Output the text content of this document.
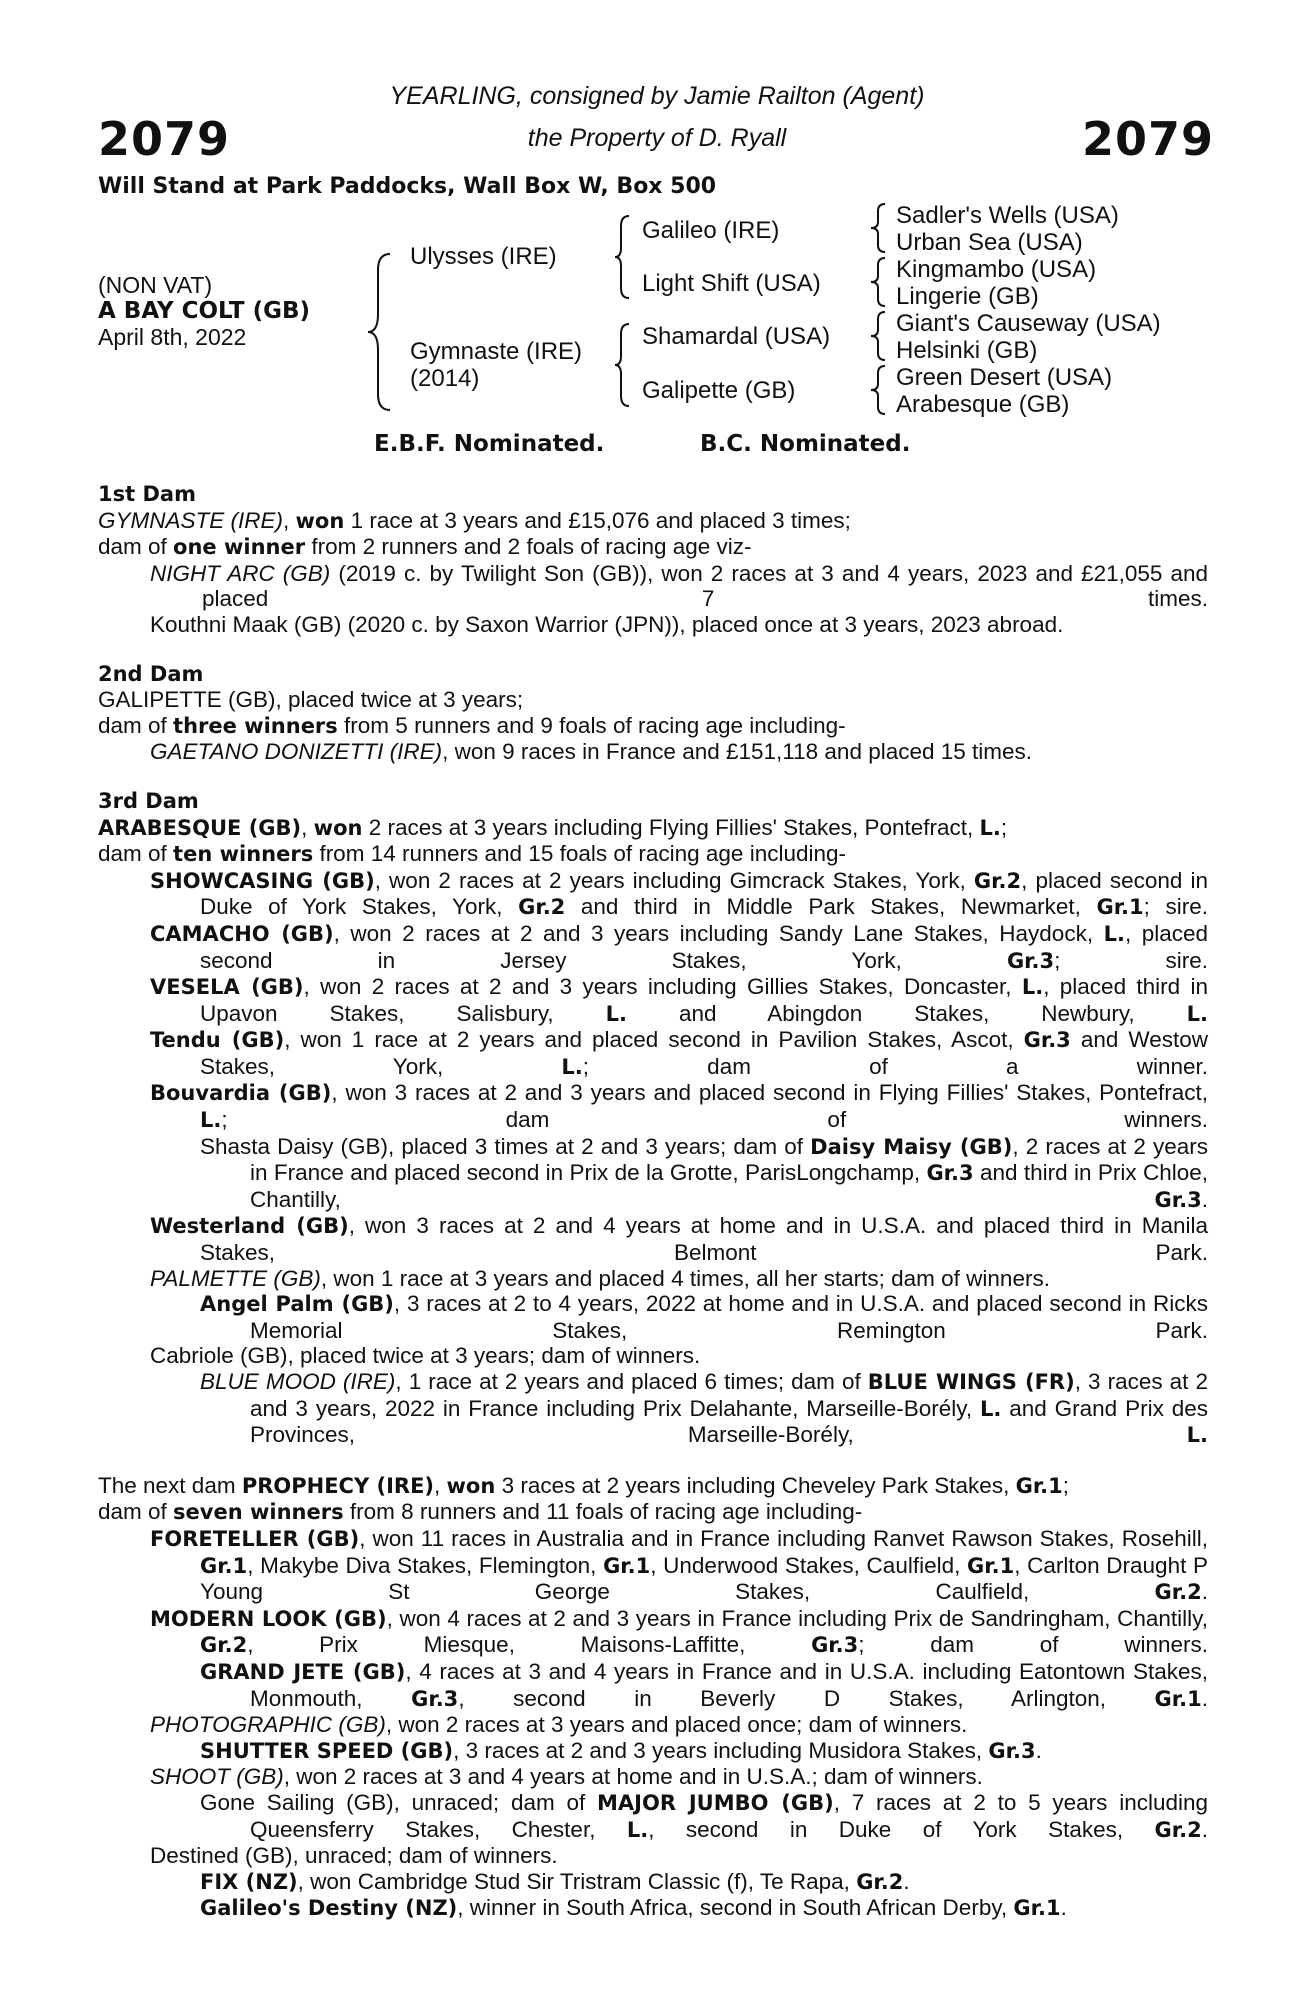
2079	2079
YEARLING, consigned by Jamie Railton (Agent)
the Property of D. Ryall
Will Stand at Park Paddocks, Wall Box W, Box 500
(NON VAT)
A BAY COLT (GB)
April 8th, 2022
Ulysses (IRE)
Gymnaste (IRE)
(2014)
Galileo (IRE)
Light Shift (USA)
Shamardal (USA)
Galipette (GB)
Sadler's Wells (USA)
Urban Sea (USA)
Kingmambo (USA)
Lingerie (GB)
Giant's Causeway (USA)
Helsinki (GB)
Green Desert (USA)
Arabesque (GB)
E.B.F. Nominated.	B.C. Nominated.
1st Dam
GYMNASTE (IRE), won 1 race at 3 years and £15,076 and placed 3 times;
dam of one winner from 2 runners and 2 foals of racing age viz-
NIGHT ARC (GB) (2019 c. by Twilight Son (GB)), won 2 races at 3 and 4 years, 2023 and £21,055 and placed 7 times.
Kouthni Maak (GB) (2020 c. by Saxon Warrior (JPN)), placed once at 3 years, 2023 abroad.
2nd Dam
GALIPETTE (GB), placed twice at 3 years;
dam of three winners from 5 runners and 9 foals of racing age including-
GAETANO DONIZETTI (IRE), won 9 races in France and £151,118 and placed 15 times.
3rd Dam
ARABESQUE (GB), won 2 races at 3 years including Flying Fillies' Stakes, Pontefract, L.;
dam of ten winners from 14 runners and 15 foals of racing age including-
SHOWCASING (GB), won 2 races at 2 years including Gimcrack Stakes, York, Gr.2, placed second in Duke of York Stakes, York, Gr.2 and third in Middle Park Stakes, Newmarket, Gr.1; sire.
CAMACHO (GB), won 2 races at 2 and 3 years including Sandy Lane Stakes, Haydock, L., placed second in Jersey Stakes, York, Gr.3; sire.
VESELA (GB), won 2 races at 2 and 3 years including Gillies Stakes, Doncaster, L., placed third in Upavon Stakes, Salisbury, L. and Abingdon Stakes, Newbury, L.
Tendu (GB), won 1 race at 2 years and placed second in Pavilion Stakes, Ascot, Gr.3 and Westow Stakes, York, L.; dam of a winner.
Bouvardia (GB), won 3 races at 2 and 3 years and placed second in Flying Fillies' Stakes, Pontefract, L.; dam of winners.
Shasta Daisy (GB), placed 3 times at 2 and 3 years; dam of Daisy Maisy (GB), 2 races at 2 years in France and placed second in Prix de la Grotte, ParisLongchamp, Gr.3 and third in Prix Chloe, Chantilly, Gr.3.
Westerland (GB), won 3 races at 2 and 4 years at home and in U.S.A. and placed third in Manila Stakes, Belmont Park.
PALMETTE (GB), won 1 race at 3 years and placed 4 times, all her starts; dam of winners.
Angel Palm (GB), 3 races at 2 to 4 years, 2022 at home and in U.S.A. and placed second in Ricks Memorial Stakes, Remington Park.
Cabriole (GB), placed twice at 3 years; dam of winners.
BLUE MOOD (IRE), 1 race at 2 years and placed 6 times; dam of BLUE WINGS (FR), 3 races at 2 and 3 years, 2022 in France including Prix Delahante, Marseille-Borély, L. and Grand Prix des Provinces, Marseille-Borély, L.
The next dam PROPHECY (IRE), won 3 races at 2 years including Cheveley Park Stakes, Gr.1;
dam of seven winners from 8 runners and 11 foals of racing age including-
FORETELLER (GB), won 11 races in Australia and in France including Ranvet Rawson Stakes, Rosehill, Gr.1, Makybe Diva Stakes, Flemington, Gr.1, Underwood Stakes, Caulfield, Gr.1, Carlton Draught P Young St George Stakes, Caulfield, Gr.2.
MODERN LOOK (GB), won 4 races at 2 and 3 years in France including Prix de Sandringham, Chantilly, Gr.2, Prix Miesque, Maisons-Laffitte, Gr.3; dam of winners.
GRAND JETE (GB), 4 races at 3 and 4 years in France and in U.S.A. including Eatontown Stakes, Monmouth, Gr.3, second in Beverly D Stakes, Arlington, Gr.1.
PHOTOGRAPHIC (GB), won 2 races at 3 years and placed once; dam of winners.
SHUTTER SPEED (GB), 3 races at 2 and 3 years including Musidora Stakes, Gr.3.
SHOOT (GB), won 2 races at 3 and 4 years at home and in U.S.A.; dam of winners.
Gone Sailing (GB), unraced; dam of MAJOR JUMBO (GB), 7 races at 2 to 5 years including Queensferry Stakes, Chester, L., second in Duke of York Stakes, Gr.2.
Destined (GB), unraced; dam of winners.
FIX (NZ), won Cambridge Stud Sir Tristram Classic (f), Te Rapa, Gr.2.
Galileo's Destiny (NZ), winner in South Africa, second in South African Derby, Gr.1.
